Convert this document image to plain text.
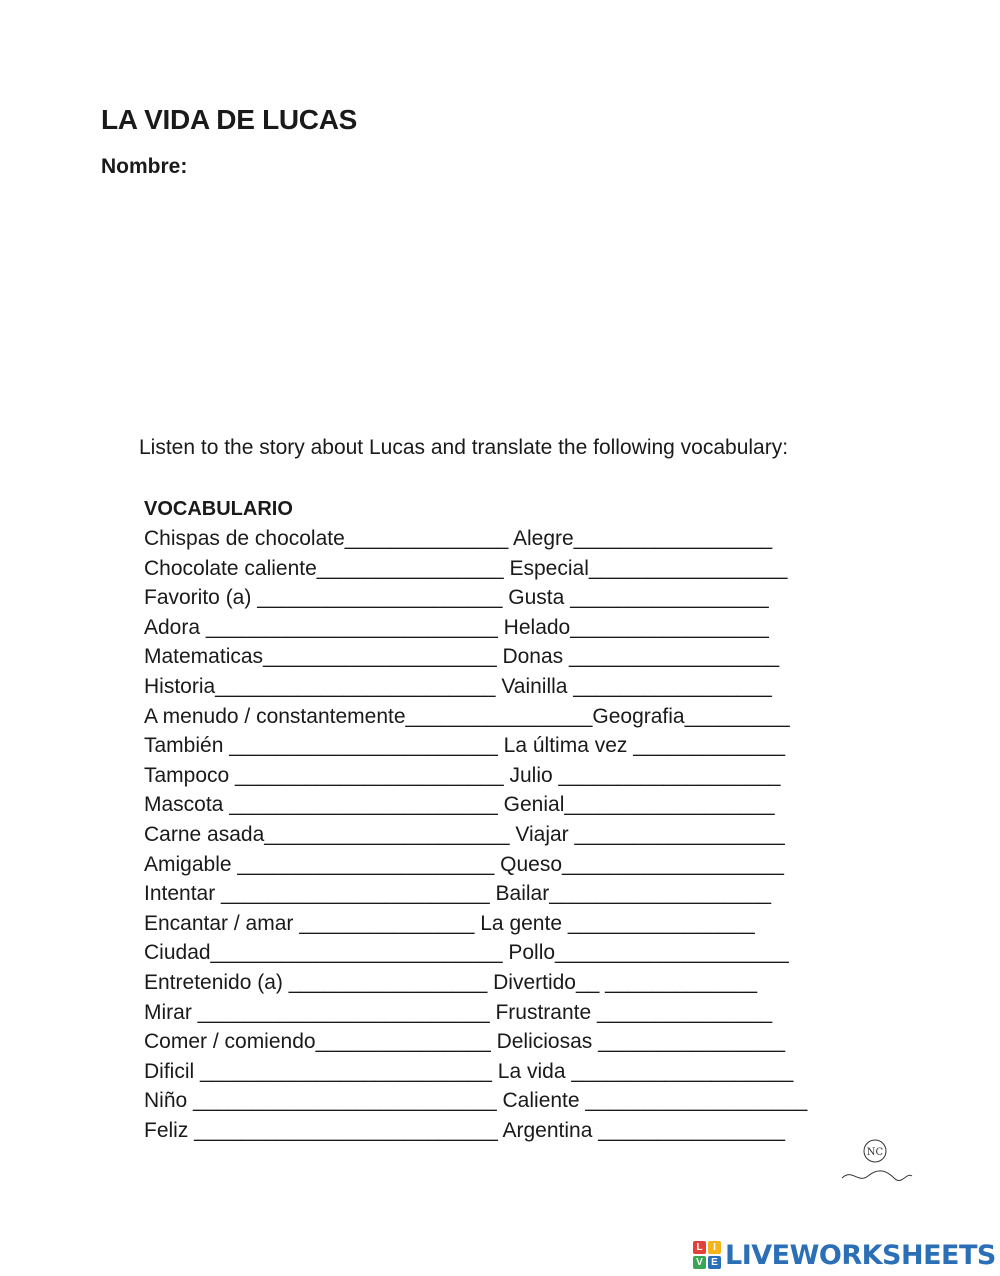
LA VIDA DE LUCAS
Nombre:
Listen to the story about Lucas and translate the following vocabulary:
VOCABULARIO
Chispas de chocolate______________ Alegre_________________
Chocolate caliente________________ Especial_________________
Favorito (a) _____________________ Gusta _________________
Adora _________________________ Helado_________________
Matematicas____________________ Donas __________________
Historia________________________ Vainilla _________________
A menudo / constantemente________________Geografia_________
También _______________________ La última vez _____________
Tampoco _______________________ Julio ___________________
Mascota _______________________ Genial__________________
Carne asada_____________________ Viajar __________________
Amigable ______________________ Queso___________________
Intentar _______________________ Bailar___________________
Encantar / amar _______________ La gente ________________
Ciudad_________________________ Pollo____________________
Entretenido (a) _________________ Divertido__ _____________
Mirar _________________________ Frustrante _______________
Comer / comiendo_______________ Deliciosas ________________
Dificil _________________________ La vida ___________________
Niño __________________________ Caliente ___________________
Feliz __________________________ Argentina ________________
NC
L	I
V E LIVEWORKSHEETS
